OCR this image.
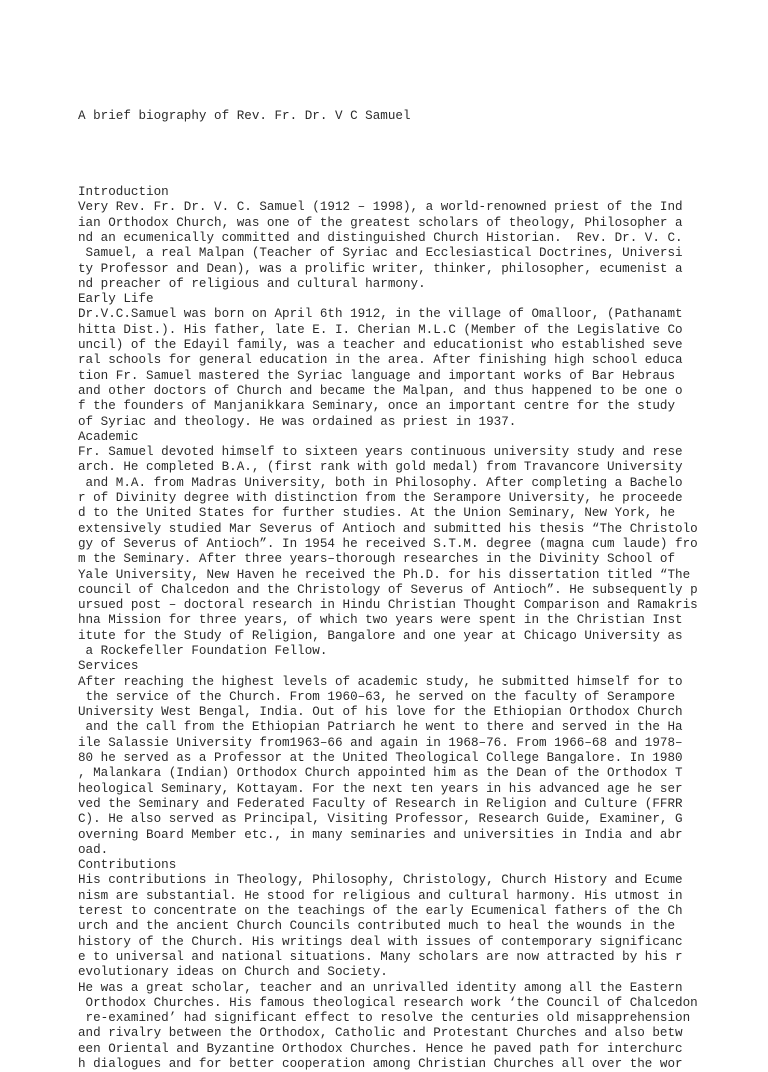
A brief biography of Rev. Fr. Dr. V C Samuel

Introduction
Very Rev. Fr. Dr. V. C. Samuel (1912 – 1998), a world-renowned priest of the Ind
ian Orthodox Church, was one of the greatest scholars of theology, Philosopher a
nd an ecumenically committed and distinguished Church Historian.  Rev. Dr. V. C.
Samuel, a real Malpan (Teacher of Syriac and Ecclesiastical Doctrines, Universi
ty Professor and Dean), was a prolific writer, thinker, philosopher, ecumenist a
nd preacher of religious and cultural harmony.
Early Life
Dr.V.C.Samuel was born on April 6th 1912, in the village of Omalloor, (Pathanamt
hitta Dist.). His father, late E. I. Cherian M.L.C (Member of the Legislative Co
uncil) of the Edayil family, was a teacher and educationist who established seve
ral schools for general education in the area. After finishing high school educa
tion Fr. Samuel mastered the Syriac language and important works of Bar Hebraus
and other doctors of Church and became the Malpan, and thus happened to be one o
f the founders of Manjanikkara Seminary, once an important centre for the study
of Syriac and theology. He was ordained as priest in 1937.
Academic
Fr. Samuel devoted himself to sixteen years continuous university study and rese
arch. He completed B.A., (first rank with gold medal) from Travancore University
and M.A. from Madras University, both in Philosophy. After completing a Bachelo
r of Divinity degree with distinction from the Serampore University, he proceede
d to the United States for further studies. At the Union Seminary, New York, he
extensively studied Mar Severus of Antioch and submitted his thesis “The Christolo
gy of Severus of Antioch”. In 1954 he received S.T.M. degree (magna cum laude) fro
m the Seminary. After three years–thorough researches in the Divinity School of
Yale University, New Haven he received the Ph.D. for his dissertation titled “The
council of Chalcedon and the Christology of Severus of Antioch”. He subsequently p
ursued post – doctoral research in Hindu Christian Thought Comparison and Ramakris
hna Mission for three years, of which two years were spent in the Christian Inst
itute for the Study of Religion, Bangalore and one year at Chicago University as
a Rockefeller Foundation Fellow.
Services
After reaching the highest levels of academic study, he submitted himself for to
the service of the Church. From 1960–63, he served on the faculty of Serampore
University West Bengal, India. Out of his love for the Ethiopian Orthodox Church
and the call from the Ethiopian Patriarch he went to there and served in the Ha
ile Salassie University from1963–66 and again in 1968–76. From 1966–68 and 1978–
80 he served as a Professor at the United Theological College Bangalore. In 1980
, Malankara (Indian) Orthodox Church appointed him as the Dean of the Orthodox T
heological Seminary, Kottayam. For the next ten years in his advanced age he ser
ved the Seminary and Federated Faculty of Research in Religion and Culture (FFRR
C). He also served as Principal, Visiting Professor, Research Guide, Examiner, G
overning Board Member etc., in many seminaries and universities in India and abr
oad.
Contributions
His contributions in Theology, Philosophy, Christology, Church History and Ecume
nism are substantial. He stood for religious and cultural harmony. His utmost in
terest to concentrate on the teachings of the early Ecumenical fathers of the Ch
urch and the ancient Church Councils contributed much to heal the wounds in the
history of the Church. His writings deal with issues of contemporary significanc
e to universal and national situations. Many scholars are now attracted by his r
evolutionary ideas on Church and Society.
He was a great scholar, teacher and an unrivalled identity among all the Eastern
Orthodox Churches. His famous theological research work ‘the Council of Chalcedon
re-examined’ had significant effect to resolve the centuries old misapprehension
and rivalry between the Orthodox, Catholic and Protestant Churches and also betw
een Oriental and Byzantine Orthodox Churches. Hence he paved path for interchurc
h dialogues and for better cooperation among Christian Churches all over the wor
